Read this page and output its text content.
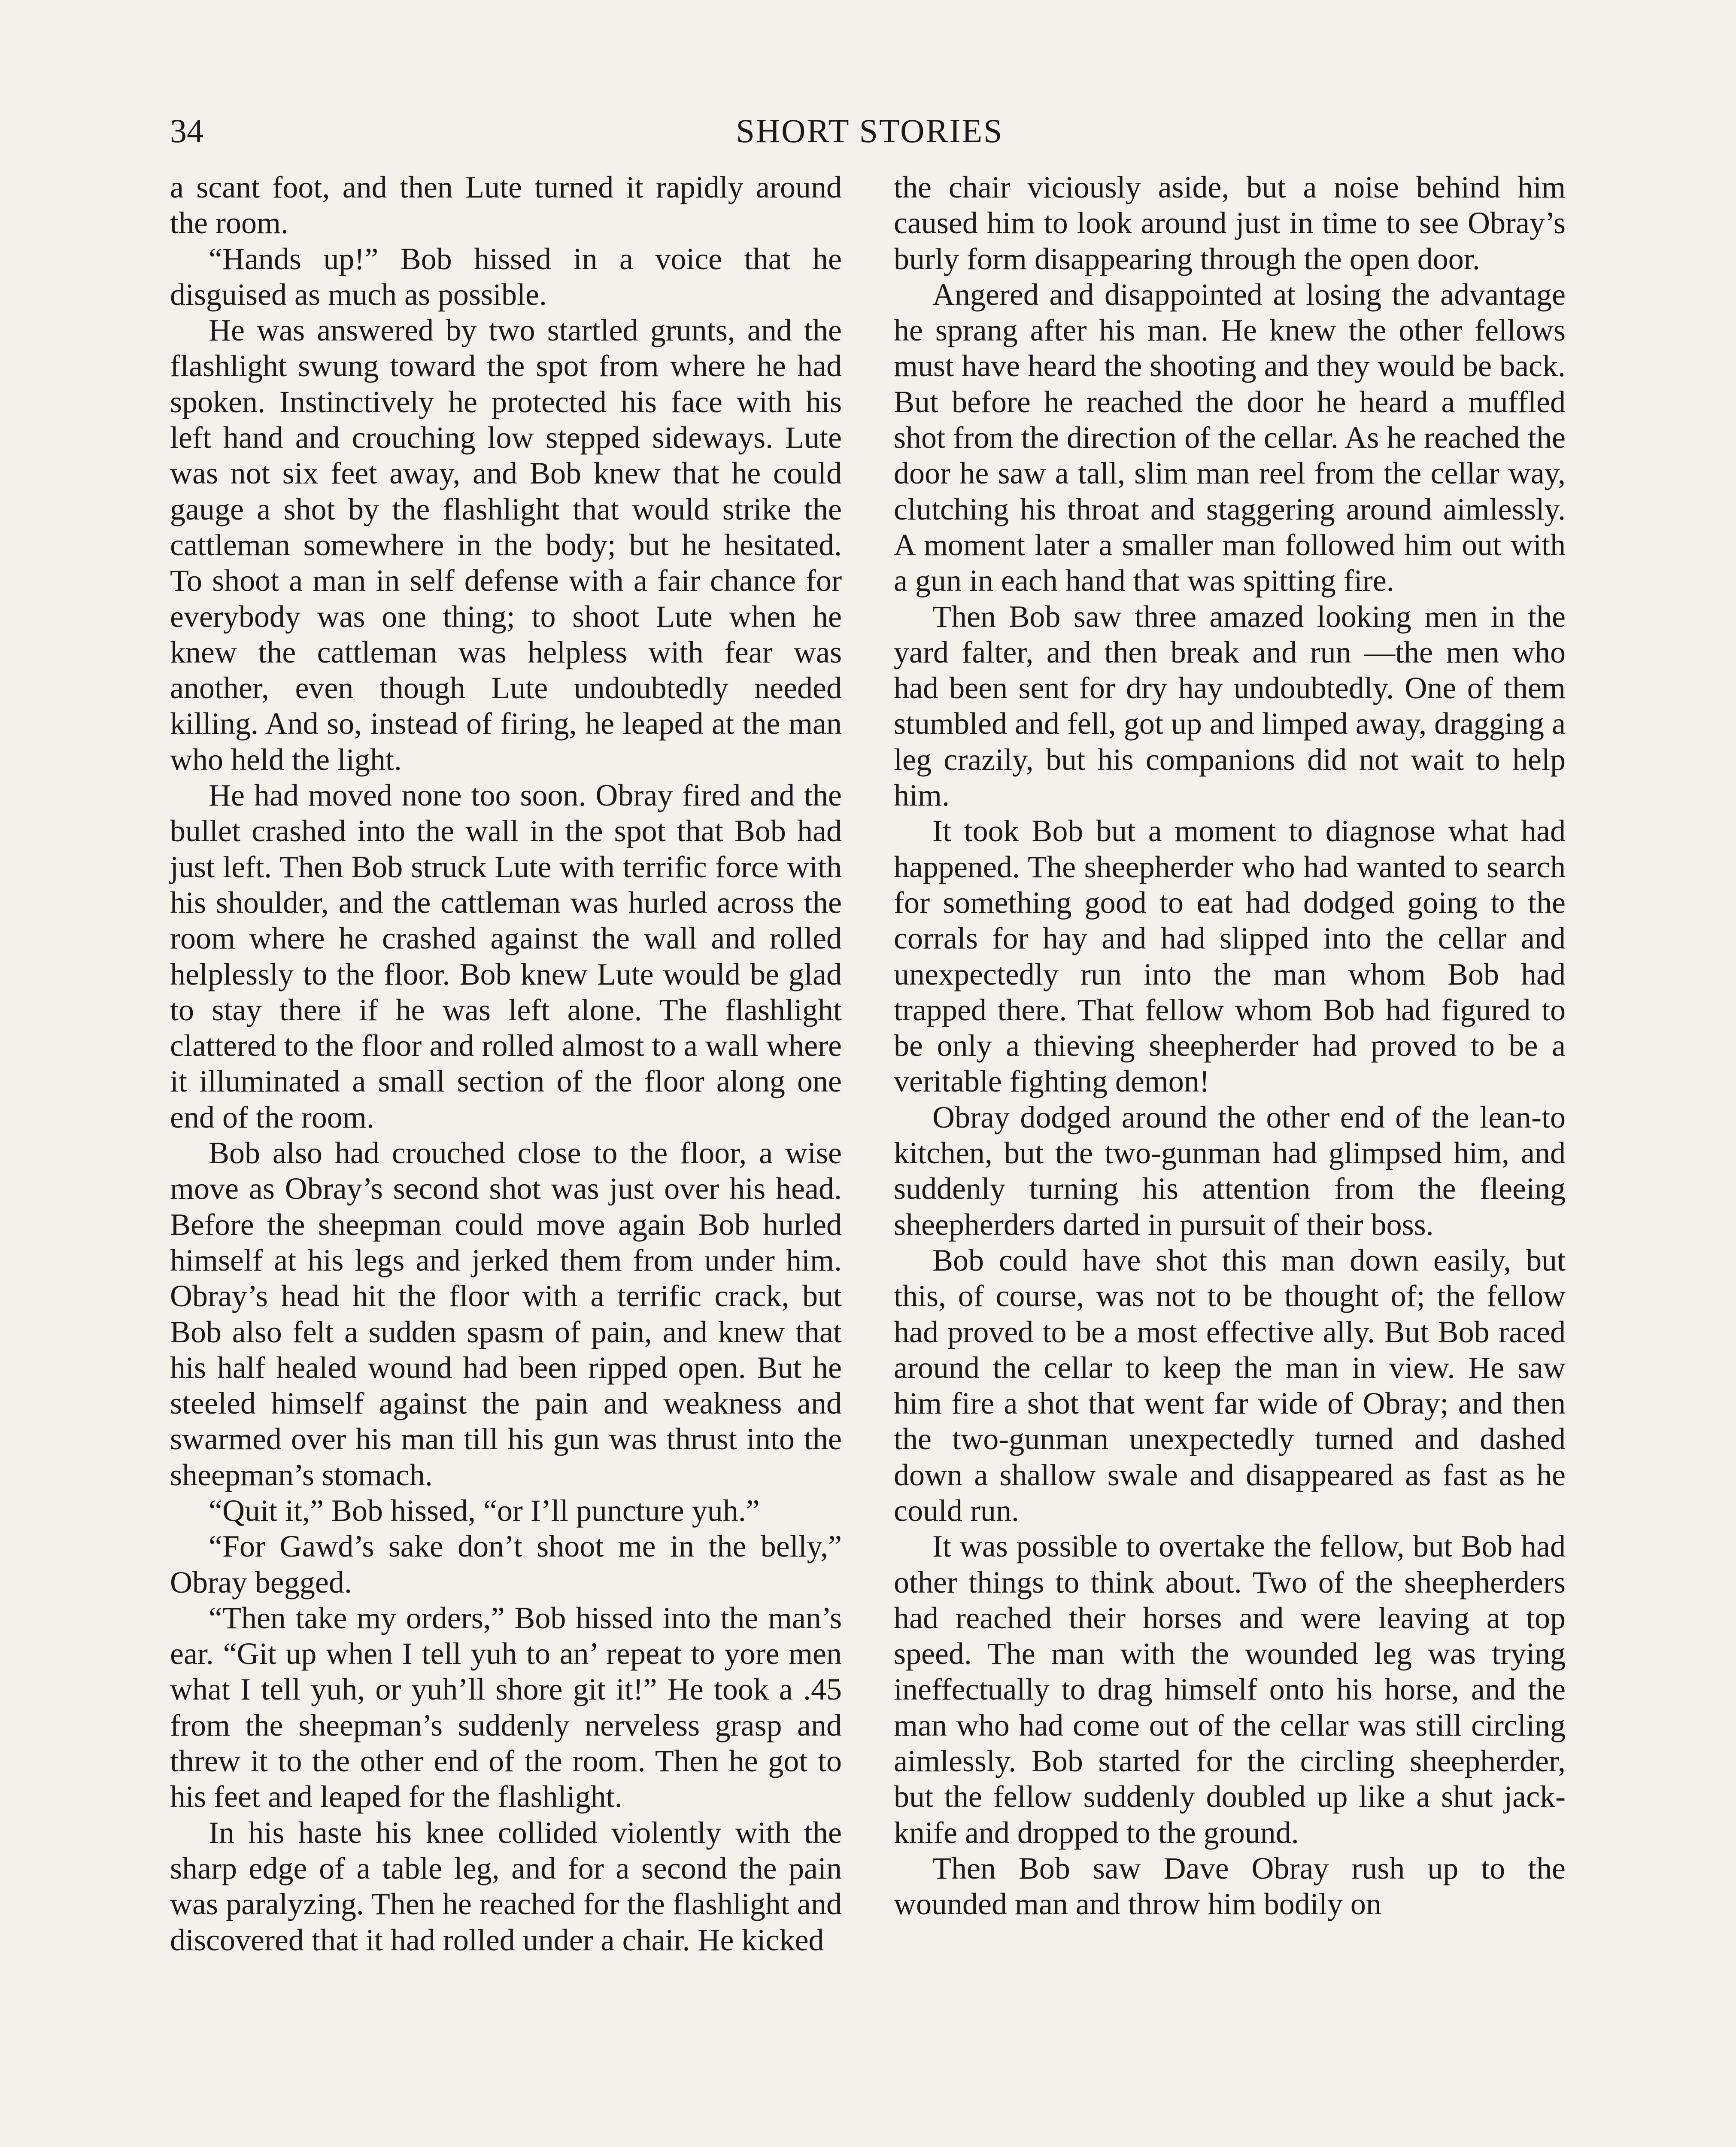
34	SHORT STORIES

a scant foot, and then Lute turned it rapidly around the room.

“Hands up!” Bob hissed in a voice that he disguised as much as possible.

He was answered by two startled grunts, and the flashlight swung toward the spot from where he had spoken. Instinctively he protected his face with his left hand and crouching low stepped sideways. Lute was not six feet away, and Bob knew that he could gauge a shot by the flashlight that would strike the cattleman somewhere in the body; but he hesitated. To shoot a man in self defense with a fair chance for everybody was one thing; to shoot Lute when he knew the cattleman was helpless with fear was another, even though Lute undoubtedly needed killing. And so, instead of firing, he leaped at the man who held the light.

He had moved none too soon. Obray fired and the bullet crashed into the wall in the spot that Bob had just left. Then Bob struck Lute with terrific force with his shoulder, and the cattleman was hurled across the room where he crashed against the wall and rolled helplessly to the floor. Bob knew Lute would be glad to stay there if he was left alone. The flashlight clattered to the floor and rolled almost to a wall where it illuminated a small section of the floor along one end of the room.

Bob also had crouched close to the floor, a wise move as Obray’s second shot was just over his head. Before the sheepman could move again Bob hurled himself at his legs and jerked them from under him. Obray’s head hit the floor with a terrific crack, but Bob also felt a sudden spasm of pain, and knew that his half healed wound had been ripped open. But he steeled himself against the pain and weakness and swarmed over his man till his gun was thrust into the sheepman’s stomach.

“Quit it,” Bob hissed, “or I’ll puncture yuh.”

“For Gawd’s sake don’t shoot me in the belly,” Obray begged.

“Then take my orders,” Bob hissed into the man’s ear. “Git up when I tell yuh to an’ repeat to yore men what I tell yuh, or yuh’ll shore git it!” He took a .45 from the sheepman’s suddenly nerveless grasp and threw it to the other end of the room. Then he got to his feet and leaped for the flashlight.

In his haste his knee collided violently with the sharp edge of a table leg, and for a second the pain was paralyzing. Then he reached for the flashlight and discovered that it had rolled under a chair. He kicked

the chair viciously aside, but a noise behind him caused him to look around just in time to see Obray’s burly form disappearing through the open door.

Angered and disappointed at losing the advantage he sprang after his man. He knew the other fellows must have heard the shooting and they would be back. But before he reached the door he heard a muffled shot from the direction of the cellar. As he reached the door he saw a tall, slim man reel from the cellar way, clutching his throat and staggering around aimlessly. A moment later a smaller man followed him out with a gun in each hand that was spitting fire.

Then Bob saw three amazed looking men in the yard falter, and then break and run —the men who had been sent for dry hay undoubtedly. One of them stumbled and fell, got up and limped away, dragging a leg crazily, but his companions did not wait to help him.

It took Bob but a moment to diagnose what had happened. The sheepherder who had wanted to search for something good to eat had dodged going to the corrals for hay and had slipped into the cellar and unexpectedly run into the man whom Bob had trapped there. That fellow whom Bob had figured to be only a thieving sheepherder had proved to be a veritable fighting demon!

Obray dodged around the other end of the lean-to kitchen, but the two-gunman had glimpsed him, and suddenly turning his attention from the fleeing sheepherders darted in pursuit of their boss.

Bob could have shot this man down easily, but this, of course, was not to be thought of; the fellow had proved to be a most effective ally. But Bob raced around the cellar to keep the man in view. He saw him fire a shot that went far wide of Obray; and then the two-gunman unexpectedly turned and dashed down a shallow swale and disappeared as fast as he could run.

It was possible to overtake the fellow, but Bob had other things to think about. Two of the sheepherders had reached their horses and were leaving at top speed. The man with the wounded leg was trying ineffectually to drag himself onto his horse, and the man who had come out of the cellar was still circling aimlessly. Bob started for the circling sheepherder, but the fellow suddenly doubled up like a shut jack-knife and dropped to the ground.

Then Bob saw Dave Obray rush up to the wounded man and throw him bodily on
